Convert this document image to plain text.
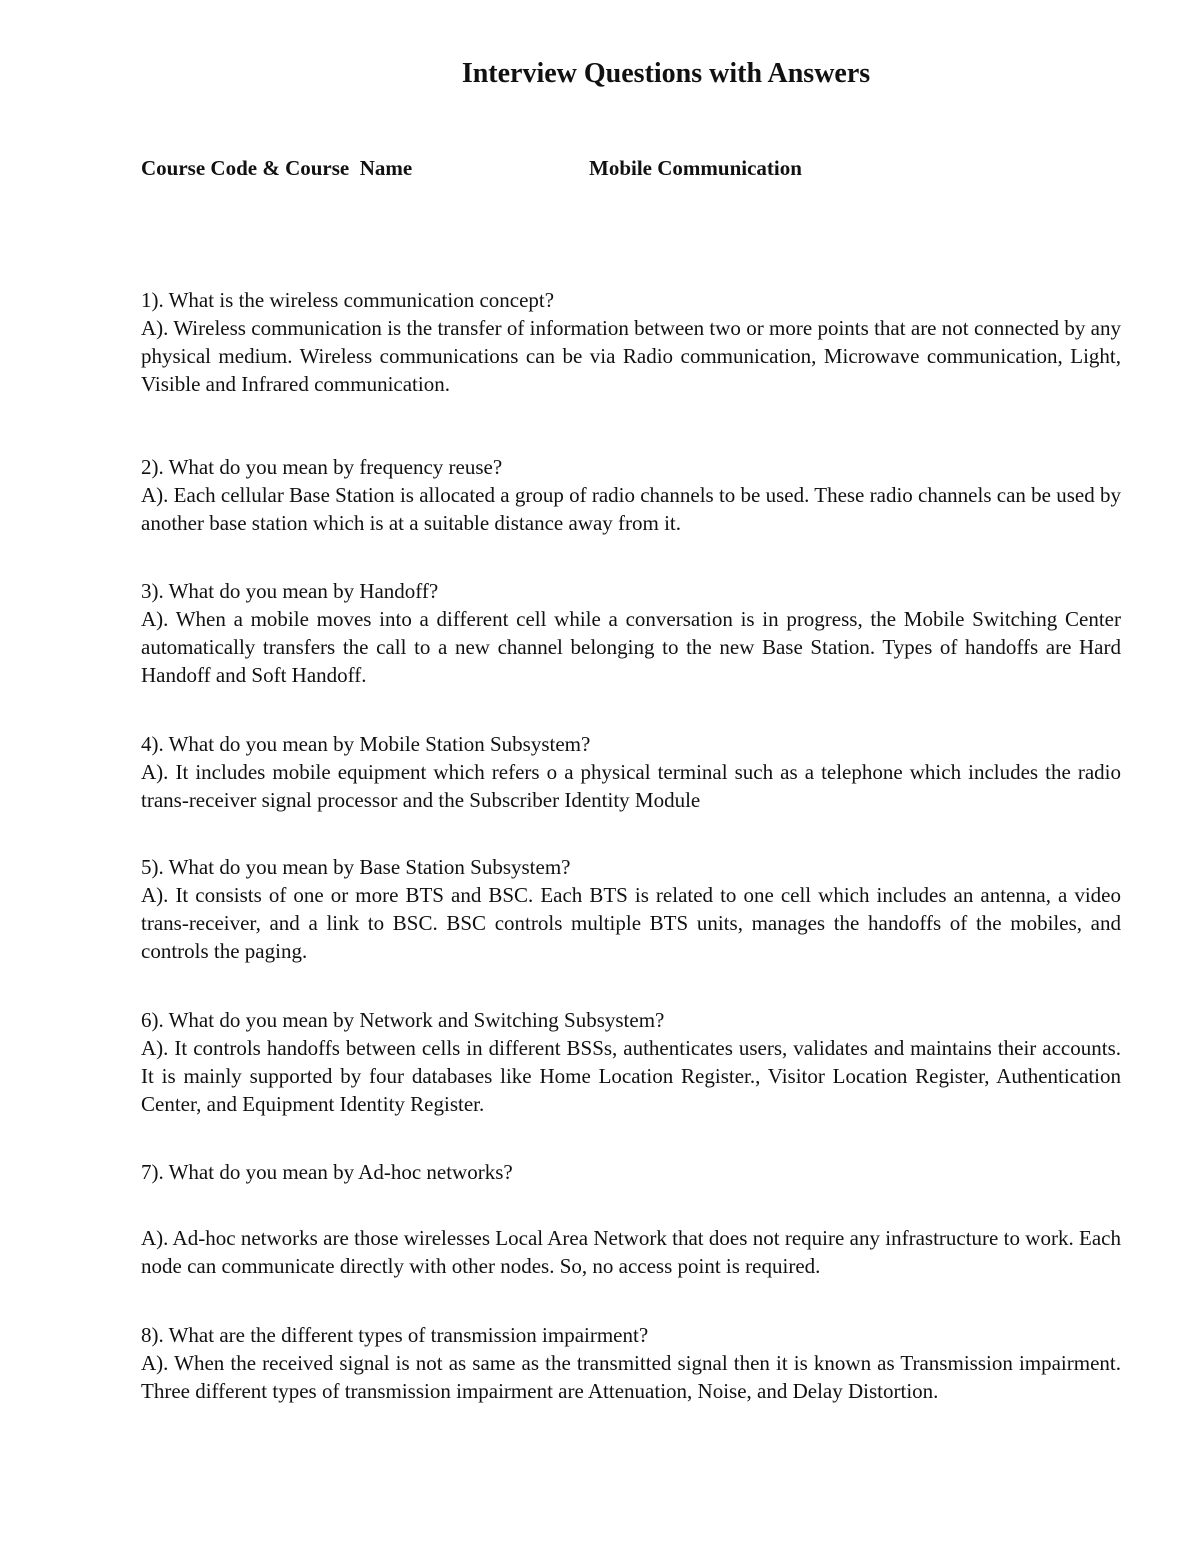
Interview Questions with Answers
Course Code & Course  Name	Mobile Communication

1). What is the wireless communication concept?

A). Wireless communication is the transfer of information between two or more points that are not connected by any physical medium. Wireless communications can be via Radio communication, Microwave communication, Light, Visible and Infrared communication.

2). What do you mean by frequency reuse?

A). Each cellular Base Station is allocated a group of radio channels to be used. These radio channels can be used by another base station which is at a suitable distance away from it.

3). What do you mean by Handoff?

A). When a mobile moves into a different cell while a conversation is in progress, the Mobile Switching Center automatically transfers the call to a new channel belonging to the new Base Station. Types of handoffs are Hard Handoff and Soft Handoff.

4). What do you mean by Mobile Station Subsystem?

A). It includes mobile equipment which refers o a physical terminal such as a telephone which includes the radio trans-receiver signal processor and the Subscriber Identity Module

5). What do you mean by Base Station Subsystem?

A). It consists of one or more BTS and BSC. Each BTS is related to one cell which includes an antenna, a video trans-receiver, and a link to BSC. BSC controls multiple BTS units, manages the handoffs of the mobiles, and controls the paging.

6). What do you mean by Network and Switching Subsystem?

A). It controls handoffs between cells in different BSSs, authenticates users, validates and maintains their accounts. It is mainly supported by four databases like Home Location Register., Visitor Location Register, Authentication Center, and Equipment Identity Register.

7). What do you mean by Ad-hoc networks?

A). Ad-hoc networks are those wirelesses Local Area Network that does not require any infrastructure to work. Each node can communicate directly with other nodes. So, no access point is required.

8). What are the different types of transmission impairment?

A). When the received signal is not as same as the transmitted signal then it is known as Transmission impairment. Three different types of transmission impairment are Attenuation, Noise, and Delay Distortion.
